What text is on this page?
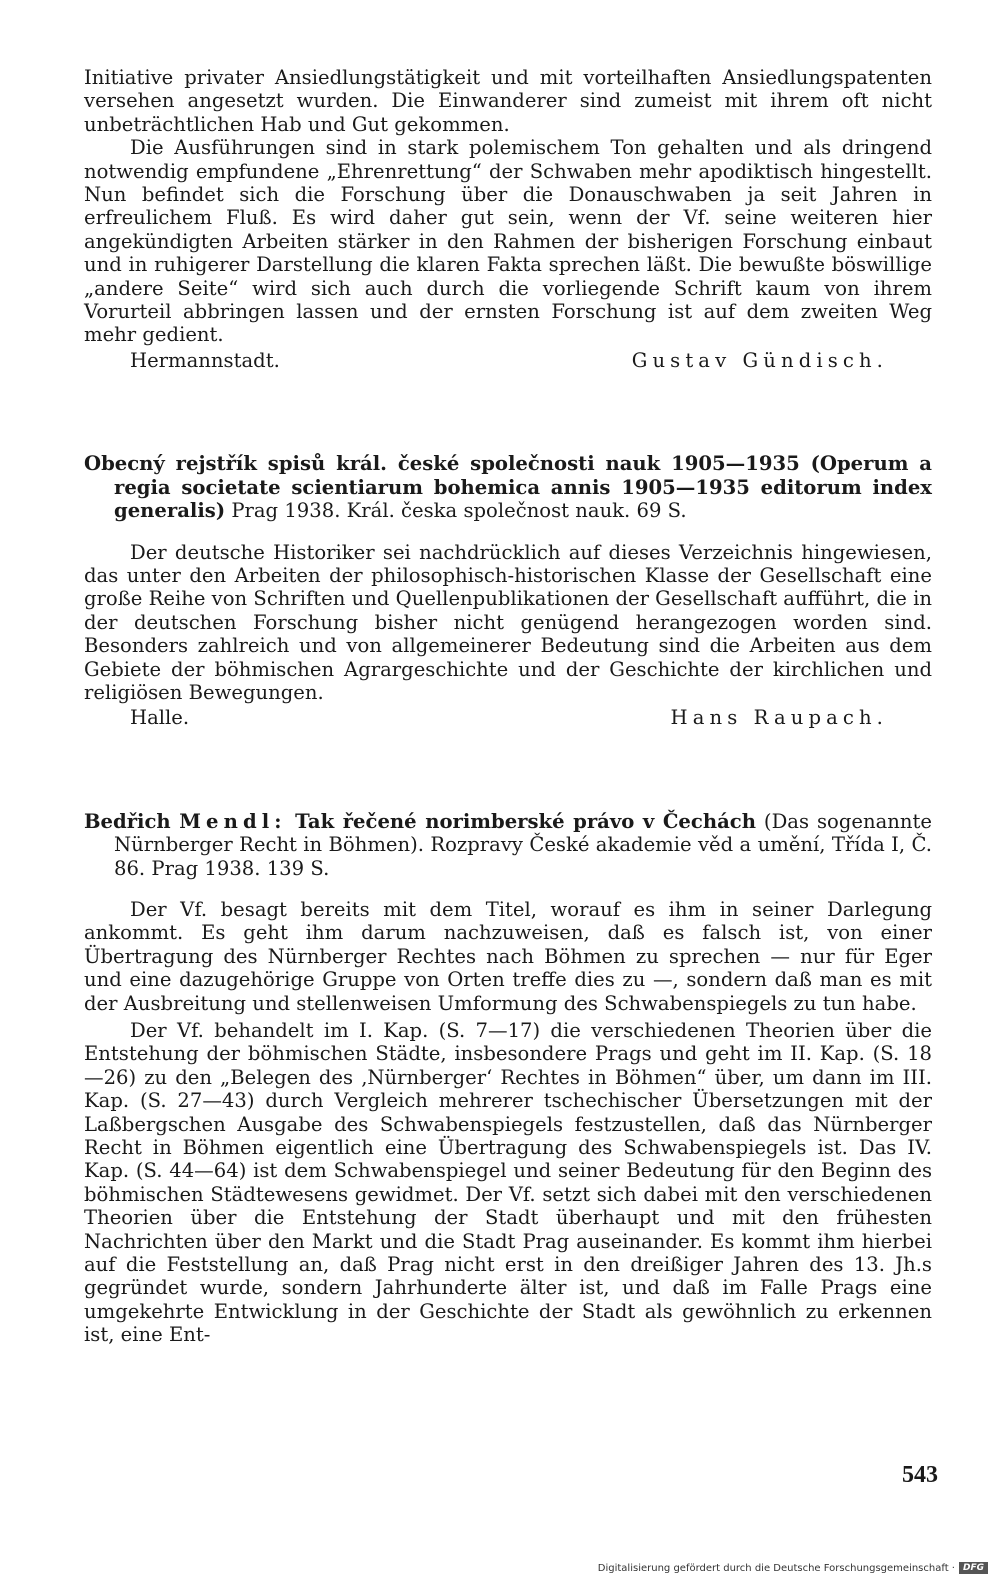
Initiative privater Ansiedlungstätigkeit und mit vorteilhaften Ansiedlungspatenten versehen angesetzt wurden. Die Einwanderer sind zumeist mit ihrem oft nicht unbeträchtlichen Hab und Gut gekommen.

Die Ausführungen sind in stark polemischem Ton gehalten und als dringend notwendig empfundene „Ehrenrettung“ der Schwaben mehr apodiktisch hingestellt. Nun befindet sich die Forschung über die Donauschwaben ja seit Jahren in erfreulichem Fluß. Es wird daher gut sein, wenn der Vf. seine weiteren hier angekündigten Arbeiten stärker in den Rahmen der bisherigen Forschung einbaut und in ruhigerer Darstellung die klaren Fakta sprechen läßt. Die bewußte böswillige „andere Seite“ wird sich auch durch die vorliegende Schrift kaum von ihrem Vorurteil abbringen lassen und der ernsten Forschung ist auf dem zweiten Weg mehr gedient.

Hermannstadt.	Gustav Gündisch.
Obecný rejstřík spisů král. české společnosti nauk 1905—1935 (Operum a regia societate scientiarum bohemica annis 1905—1935 editorum index generalis) Prag 1938. Král. česka společnost nauk. 69 S.

Der deutsche Historiker sei nachdrücklich auf dieses Verzeichnis hingewiesen, das unter den Arbeiten der philosophisch-historischen Klasse der Gesellschaft eine große Reihe von Schriften und Quellenpublikationen der Gesellschaft aufführt, die in der deutschen Forschung bisher nicht genügend herangezogen worden sind. Besonders zahlreich und von allgemeinerer Bedeutung sind die Arbeiten aus dem Gebiete der böhmischen Agrargeschichte und der Geschichte der kirchlichen und religiösen Bewegungen.

Halle.	Hans Raupach.
Bedřich Mendl: Tak řečené norimberské právo v Čechách (Das sogenannte Nürnberger Recht in Böhmen). Rozpravy České akademie věd a umění, Třída I, Č. 86. Prag 1938. 139 S.

Der Vf. besagt bereits mit dem Titel, worauf es ihm in seiner Darlegung ankommt. Es geht ihm darum nachzuweisen, daß es falsch ist, von einer Übertragung des Nürnberger Rechtes nach Böhmen zu sprechen — nur für Eger und eine dazugehörige Gruppe von Orten treffe dies zu —, sondern daß man es mit der Ausbreitung und stellenweisen Umformung des Schwabenspiegels zu tun habe.

Der Vf. behandelt im I. Kap. (S. 7—17) die verschiedenen Theorien über die Entstehung der böhmischen Städte, insbesondere Prags und geht im II. Kap. (S. 18—26) zu den „Belegen des ‚Nürnberger‘ Rechtes in Böhmen“ über, um dann im III. Kap. (S. 27—43) durch Vergleich mehrerer tschechischer Übersetzungen mit der Laßbergschen Ausgabe des Schwabenspiegels festzustellen, daß das Nürnberger Recht in Böhmen eigentlich eine Übertragung des Schwabenspiegels ist. Das IV. Kap. (S. 44—64) ist dem Schwabenspiegel und seiner Bedeutung für den Beginn des böhmischen Städtewesens gewidmet. Der Vf. setzt sich dabei mit den verschiedenen Theorien über die Entstehung der Stadt überhaupt und mit den frühesten Nachrichten über den Markt und die Stadt Prag auseinander. Es kommt ihm hierbei auf die Feststellung an, daß Prag nicht erst in den dreißiger Jahren des 13. Jh.s gegründet wurde, sondern Jahrhunderte älter ist, und daß im Falle Prags eine umgekehrte Entwicklung in der Geschichte der Stadt als gewöhnlich zu erkennen ist, eine Ent-

543
Digitalisierung gefördert durch die Deutsche Forschungsgemeinschaft · DFG
